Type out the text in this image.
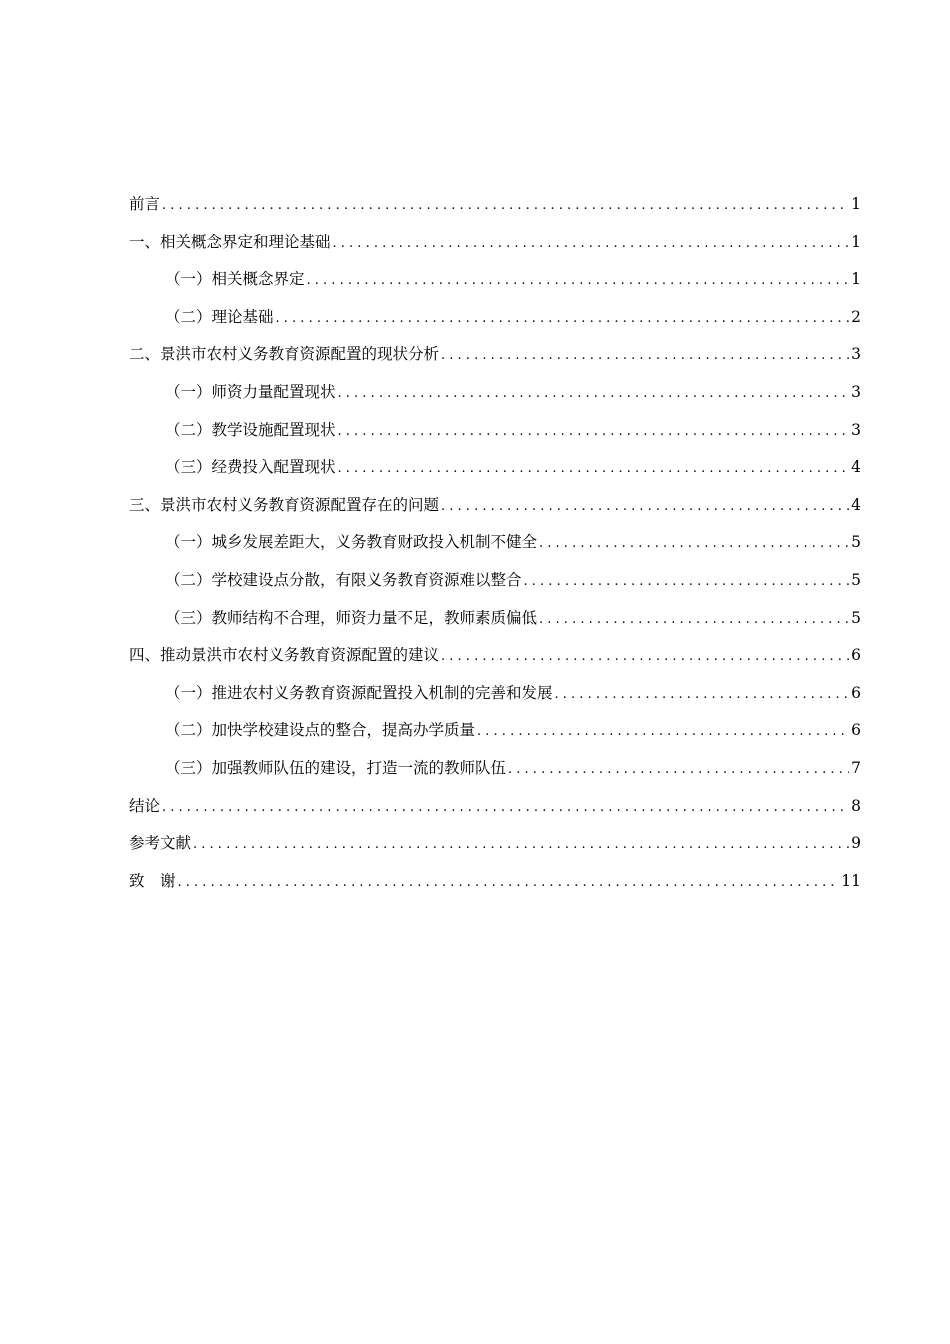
前言 . . .	1
一、相关概念界定和理论基础 . . .	1
（一）相关概念界定 . . .	1
（二）理论基础 . . .	2
二、景洪市农村义务教育资源配置的现状分析 . . .	3
（一）师资力量配置现状 . . .	3
（二）教学设施配置现状 . . .	3
（三）经费投入配置现状 . . .	4
三、景洪市农村义务教育资源配置存在的问题 . . .	4
（一）城乡发展差距大，义务教育财政投入机制不健全 . . .	5
（二）学校建设点分散，有限义务教育资源难以整合 . . .	5
（三）教师结构不合理，师资力量不足，教师素质偏低 . . .	5
四、推动景洪市农村义务教育资源配置的建议 . . .	6
（一）推进农村义务教育资源配置投入机制的完善和发展 . . .	6
（二）加快学校建设点的整合，提高办学质量 . . .	6
（三）加强教师队伍的建设，打造一流的教师队伍 . . .	7
结论 . . .	8
参考文献 . . .	9
致　谢 . . .	11
